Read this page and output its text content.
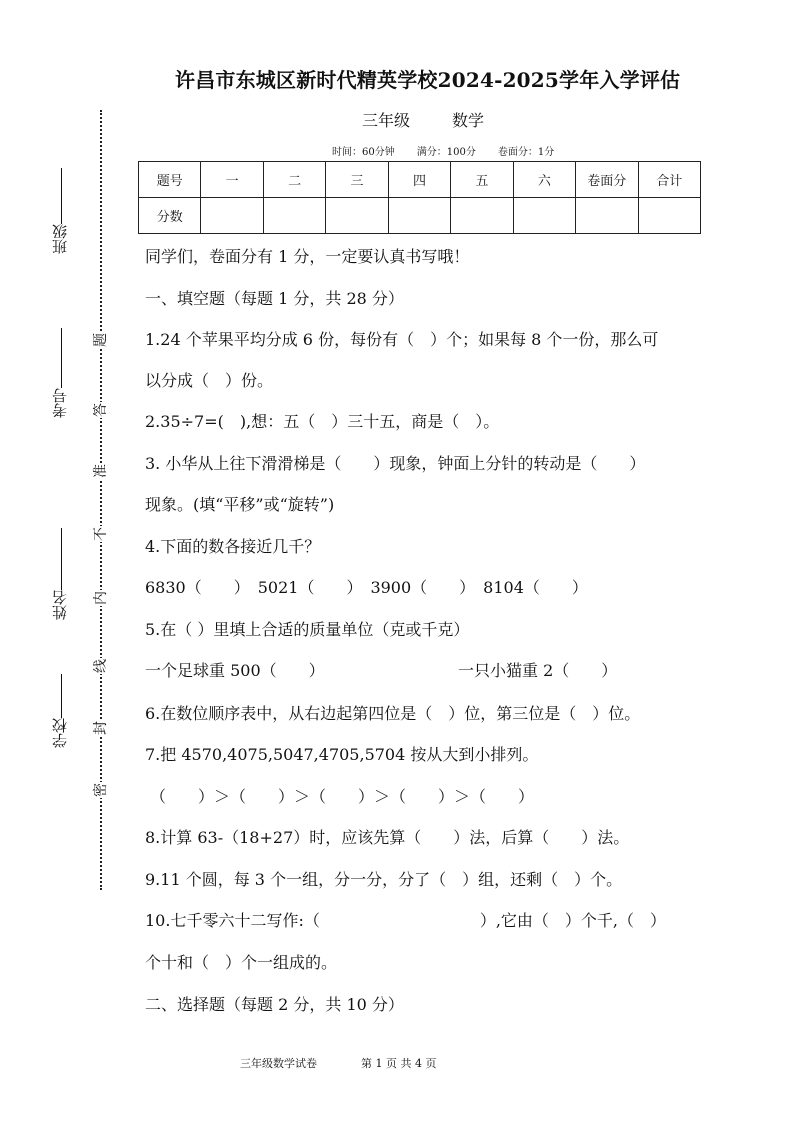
班级
考号
姓名
学校
题
答
准
不
内
线
封
密
许昌市东城区新时代精英学校2024-2025学年入学评估
三年级	数学
时间：60分钟 满分：100分 卷面分：1分
题号	一	二	三	四	五	六	卷面分	合计
分数								
同学们，卷面分有 1 分，一定要认真书写哦！
一、填空题（每题 1 分，共 28 分）
1.24 个苹果平均分成 6 份，每份有（　）个；如果每 8 个一份，那么可
以分成（　）份。
2.35÷7=(　),想：五（　）三十五，商是（　）。
3. 小华从上往下滑滑梯是（　　）现象，钟面上分针的转动是（　　）
现象。(填“平移”或“旋转”)
4.下面的数各接近几千？
6830（　　）　5021（　　）　3900（　　）　8104（　　）
5.在（ ）里填上合适的质量单位（克或千克）
一个足球重 500（　　）	一只小猫重 2（　　）
6.在数位顺序表中，从右边起第四位是（　）位，第三位是（　）位。
7.把 4570,4075,5047,4705,5704 按从大到小排列。
（　　）＞（　　）＞（　　）＞（　　）＞（　　）
8.计算 63-（18+27）时，应该先算（　　）法，后算（　　）法。
9.11 个圆，每 3 个一组，分一分，分了（　）组，还剩（　）个。
10.七千零六十二写作:（　　　　　　　　　　）,它由（　）个千,（　）
个十和（　）个一组成的。
二、选择题（每题 2 分，共 10 分）
三年级数学试卷	第 1 页 共 4 页
